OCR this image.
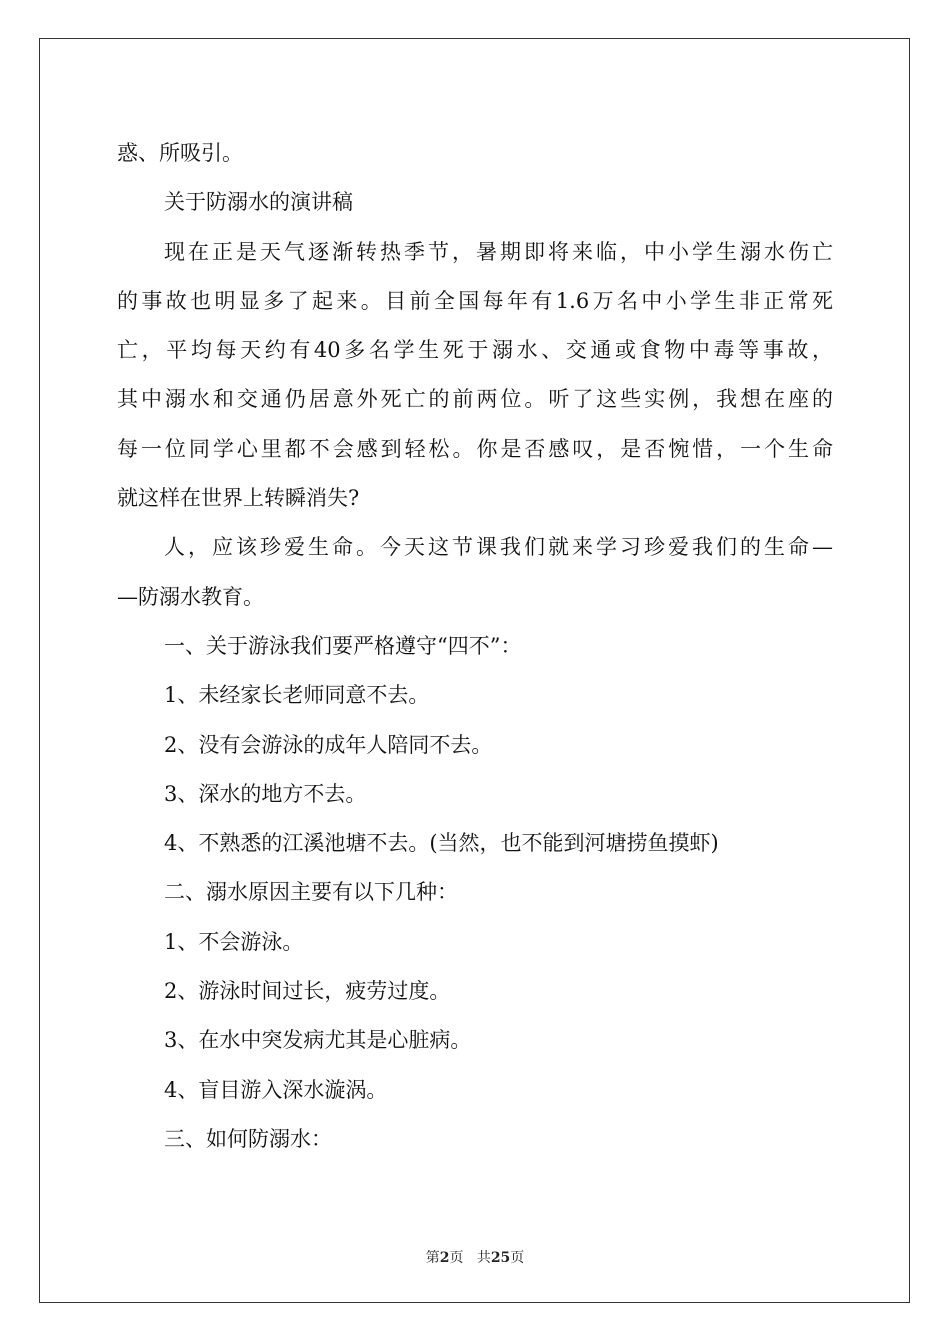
惑、所吸引。

关于防溺水的演讲稿

现在正是天气逐渐转热季节，暑期即将来临，中小学生溺水伤亡

的事故也明显多了起来。目前全国每年有1.6万名中小学生非正常死

亡，平均每天约有40多名学生死于溺水、交通或食物中毒等事故，

其中溺水和交通仍居意外死亡的前两位。听了这些实例，我想在座的

每一位同学心里都不会感到轻松。你是否感叹，是否惋惜，一个生命

就这样在世界上转瞬消失?

人，应该珍爱生命。今天这节课我们就来学习珍爱我们的生命—

—防溺水教育。

一、关于游泳我们要严格遵守“四不”：

1、未经家长老师同意不去。

2、没有会游泳的成年人陪同不去。

3、深水的地方不去。

4、不熟悉的江溪池塘不去。(当然，也不能到河塘捞鱼摸虾)

二、溺水原因主要有以下几种：

1、不会游泳。

2、游泳时间过长，疲劳过度。

3、在水中突发病尤其是心脏病。

4、盲目游入深水漩涡。

三、如何防溺水：

第2页 共25页
